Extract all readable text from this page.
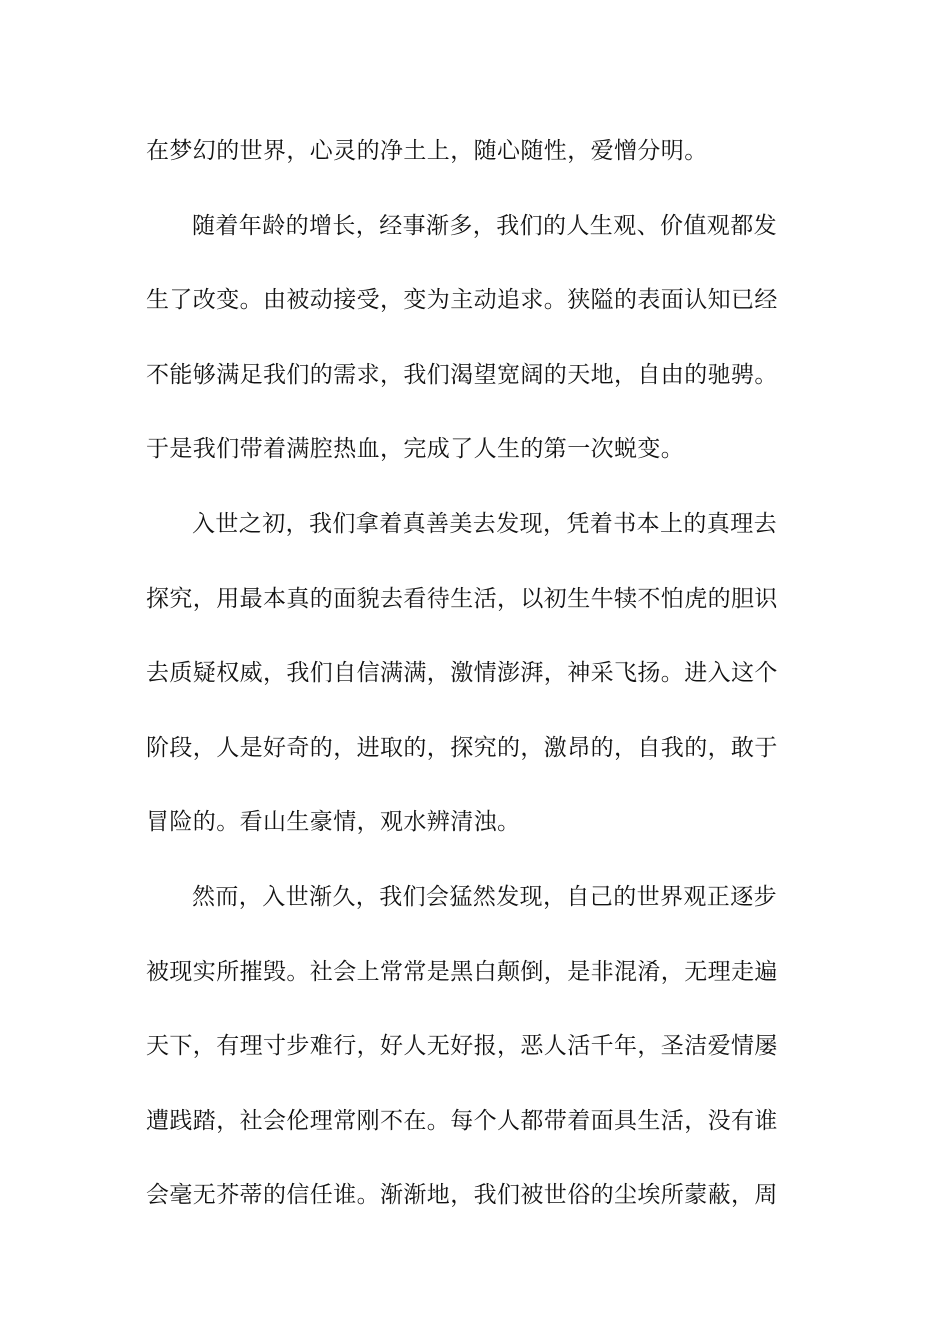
在梦幻的世界，心灵的净土上，随心随性，爱憎分明。
随着年龄的增长，经事渐多，我们的人生观、价值观都发
生了改变。由被动接受，变为主动追求。狭隘的表面认知已经
不能够满足我们的需求，我们渴望宽阔的天地，自由的驰骋。
于是我们带着满腔热血，完成了人生的第一次蜕变。
入世之初，我们拿着真善美去发现，凭着书本上的真理去
探究，用最本真的面貌去看待生活，以初生牛犊不怕虎的胆识
去质疑权威，我们自信满满，激情澎湃，神采飞扬。进入这个
阶段，人是好奇的，进取的，探究的，激昂的，自我的，敢于
冒险的。看山生豪情，观水辨清浊。
然而，入世渐久，我们会猛然发现，自己的世界观正逐步
被现实所摧毁。社会上常常是黑白颠倒，是非混淆，无理走遍
天下，有理寸步难行，好人无好报，恶人活千年，圣洁爱情屡
遭践踏，社会伦理常刚不在。每个人都带着面具生活，没有谁
会毫无芥蒂的信任谁。渐渐地，我们被世俗的尘埃所蒙蔽，周
